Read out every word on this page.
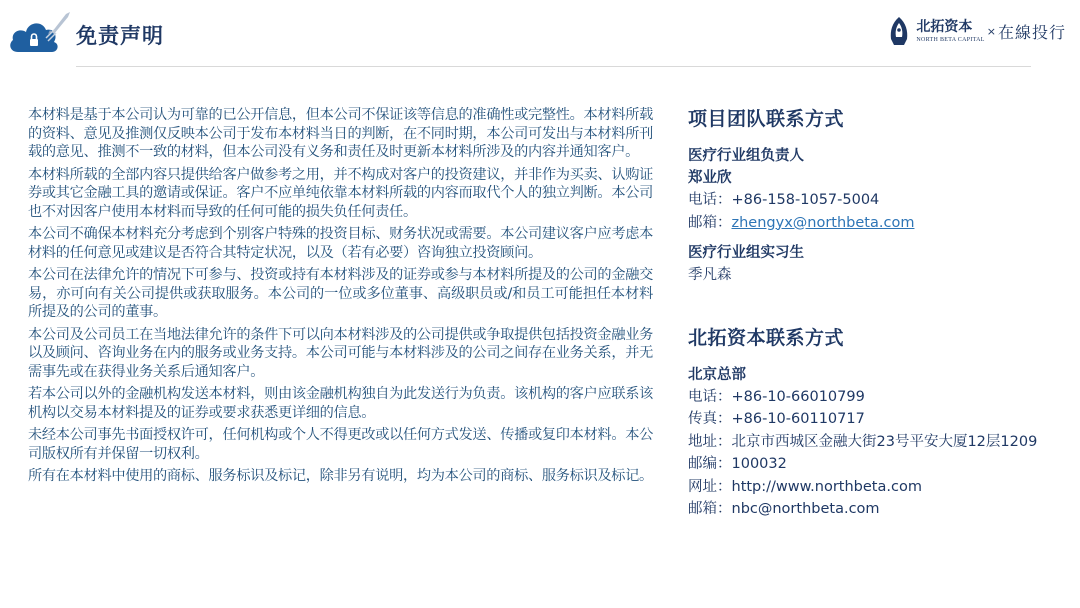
免责声明	北拓资本
NORTH BETA CAPITAL
× 在線投行

本材料是基于本公司认为可靠的已公开信息，但本公司不保证该等信息的准确性或完整性。本材料所载的资料、意见及推测仅反映本公司于发布本材料当日的判断，在不同时期，本公司可发出与本材料所刊载的意见、推测不一致的材料，但本公司没有义务和责任及时更新本材料所涉及的内容并通知客户。

本材料所载的全部内容只提供给客户做参考之用，并不构成对客户的投资建议，并非作为买卖、认购证券或其它金融工具的邀请或保证。客户不应单纯依靠本材料所载的内容而取代个人的独立判断。本公司也不对因客户使用本材料而导致的任何可能的损失负任何责任。

本公司不确保本材料充分考虑到个别客户特殊的投资目标、财务状况或需要。本公司建议客户应考虑本材料的任何意见或建议是否符合其特定状况，以及（若有必要）咨询独立投资顾问。

本公司在法律允许的情况下可参与、投资或持有本材料涉及的证券或参与本材料所提及的公司的金融交易，亦可向有关公司提供或获取服务。本公司的一位或多位董事、高级职员或/和员工可能担任本材料所提及的公司的董事。

本公司及公司员工在当地法律允许的条件下可以向本材料涉及的公司提供或争取提供包括投资金融业务以及顾问、咨询业务在内的服务或业务支持。本公司可能与本材料涉及的公司之间存在业务关系，并无需事先或在获得业务关系后通知客户。

若本公司以外的金融机构发送本材料，则由该金融机构独自为此发送行为负责。该机构的客户应联系该机构以交易本材料提及的证券或要求获悉更详细的信息。

未经本公司事先书面授权许可，任何机构或个人不得更改或以任何方式发送、传播或复印本材料。本公司版权所有并保留一切权利。

所有在本材料中使用的商标、服务标识及标记，除非另有说明，均为本公司的商标、服务标识及标记。

项目团队联系方式
医疗行业组负责人
郑业欣
电话：+86-158-1057-5004
邮箱：zhengyx@northbeta.com
医疗行业组实习生
季凡森
北拓资本联系方式
北京总部
电话：+86-10-66010799
传真：+86-10-60110717
地址：北京市西城区金融大街23号平安大厦12层1209
邮编：100032
网址：http://www.northbeta.com
邮箱：nbc@northbeta.com
